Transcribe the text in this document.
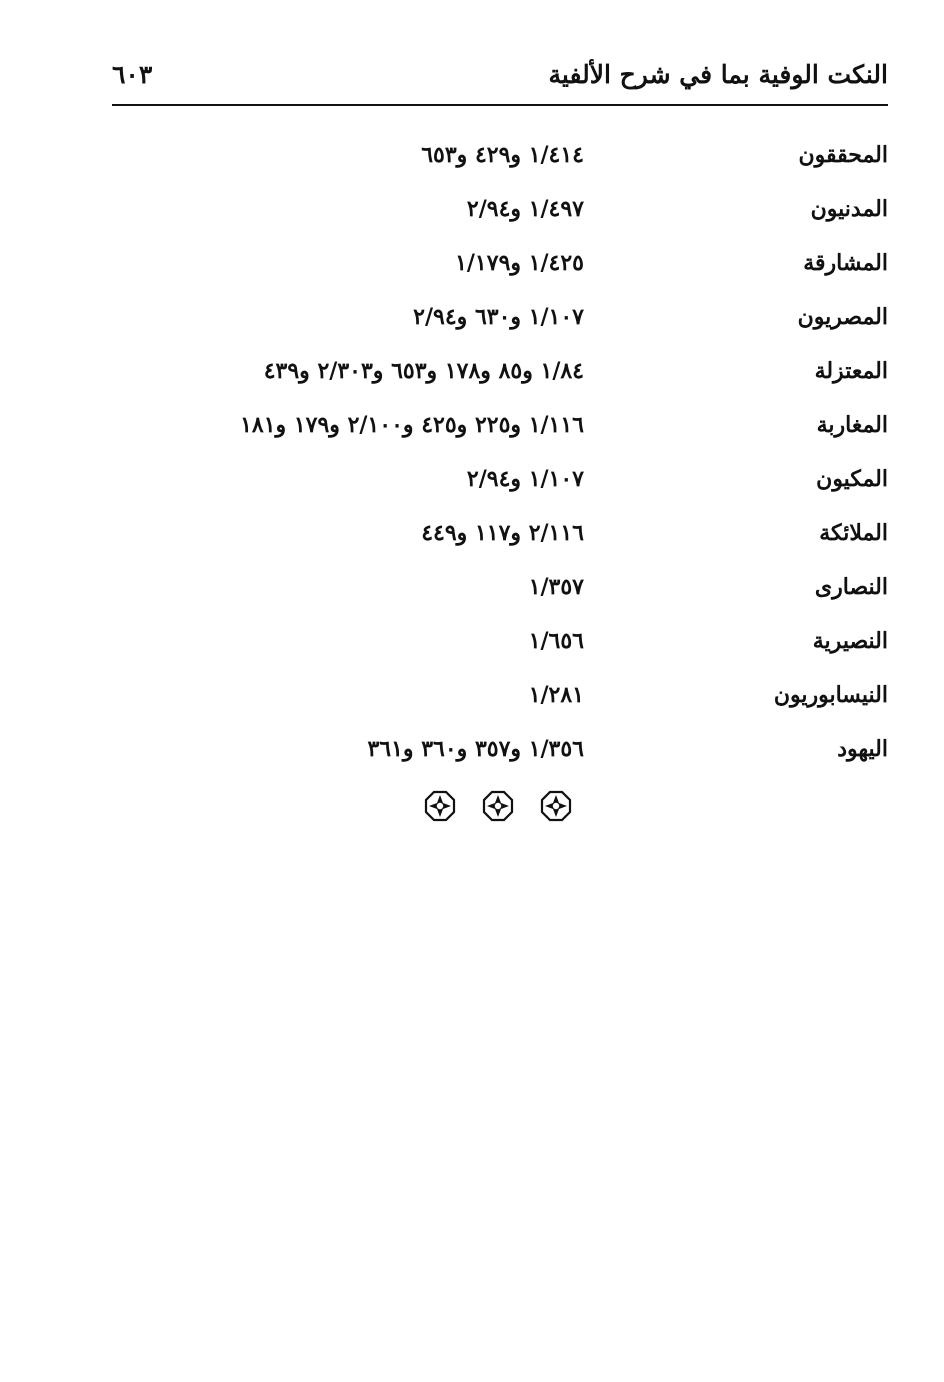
النكت الوفية بما في شرح الألفية
٦٠٣
المحققون
١/٤١٤ و٤٢٩ و٦٥٣
المدنيون
١/٤٩٧ و٢/٩٤
المشارقة
١/٤٢٥ و١/١٧٩
المصريون
١/١٠٧ و٦٣٠ و٢/٩٤
المعتزلة
١/٨٤ و٨٥ و١٧٨ و٦٥٣ و٢/٣٠٣ و٤٣٩
المغاربة
١/١١٦ و٢٢٥ و٤٢٥ و٢/١٠٠ و١٧٩ و١٨١
المكيون
١/١٠٧ و٢/٩٤
الملائكة
٢/١١٦ و١١٧ و٤٤٩
النصارى
١/٣٥٧
النصيرية
١/٦٥٦
النيسابوريون
١/٢٨١
اليهود
١/٣٥٦ و٣٥٧ و٣٦٠ و٣٦١
